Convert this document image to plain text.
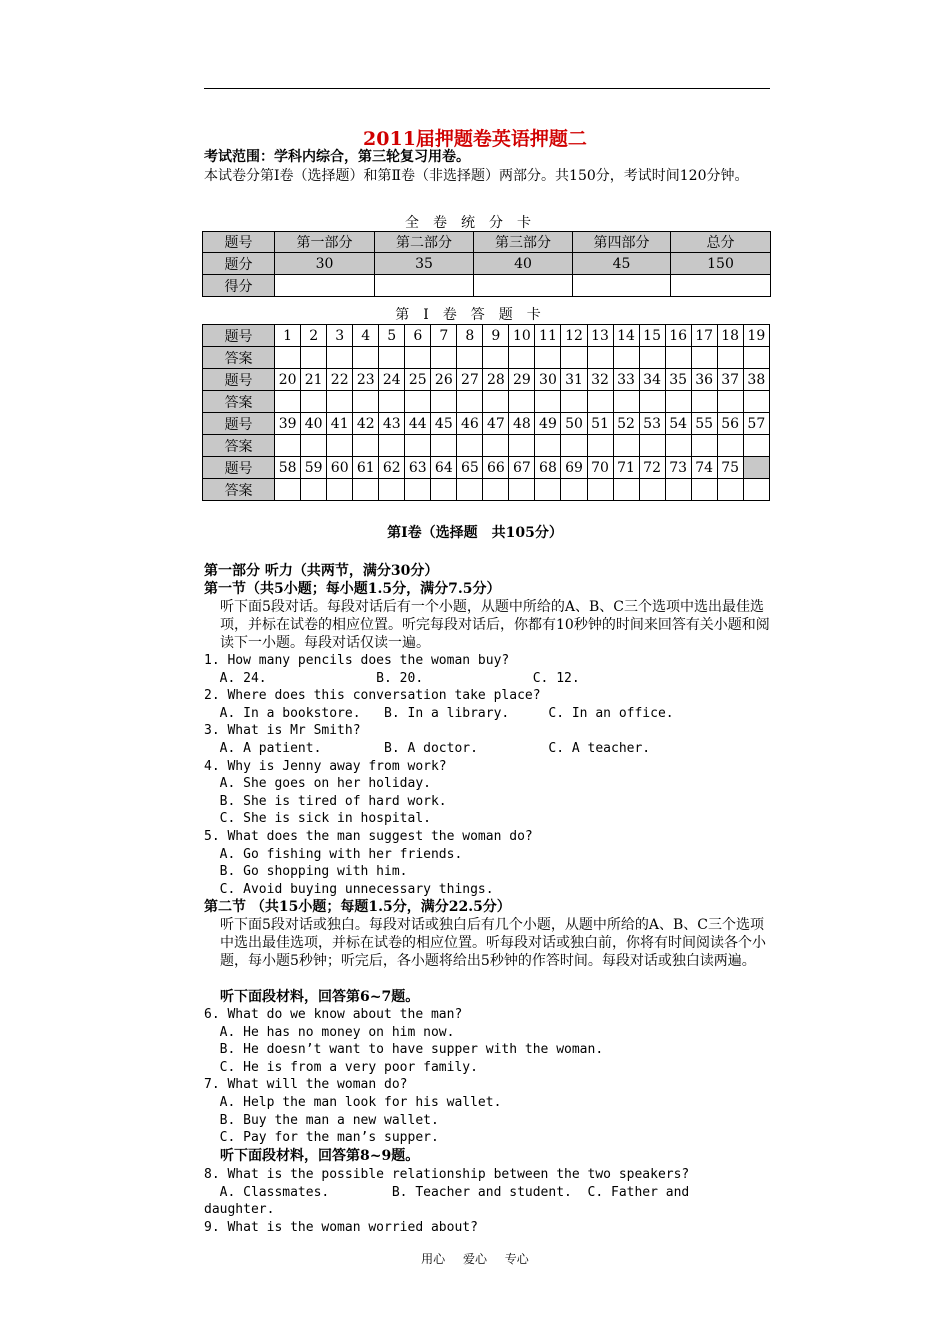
2011届押题卷英语押题二
考试范围：学科内综合，第三轮复习用卷。
本试卷分第Ⅰ卷（选择题）和第Ⅱ卷（非选择题）两部分。共150分，考试时间120分钟。
全卷统分卡
题号	第一部分	第二部分	第三部分	第四部分	总分
题分	30	35	40	45	150
得分					
第Ⅰ卷答题卡
题号	1	2	3	4	5	6	7	8	9	10	11	12	13	14	15	16	17	18	19
答案																			
题号	20	21	22	23	24	25	26	27	28	29	30	31	32	33	34	35	36	37	38
答案																			
题号	39	40	41	42	43	44	45	46	47	48	49	50	51	52	53	54	55	56	57
答案																			
题号	58	59	60	61	62	63	64	65	66	67	68	69	70	71	72	73	74	75	
答案																			
第Ⅰ卷（选择题　共105分）
第一部分 听力（共两节，满分30分）
第一节（共5小题；每小题1.5分，满分7.5分）
听下面5段对话。每段对话后有一个小题，从题中所给的A、B、C三个选项中选出最佳选项，并标在试卷的相应位置。听完每段对话后，你都有10秒钟的时间来回答有关小题和阅读下一小题。每段对话仅读一遍。
1. How many pencils does the woman buy?
A. 24.              B. 20.              C. 12.
2. Where does this conversation take place?
A. In a bookstore.   B. In a library.     C. In an office.
3. What is Mr Smith?
A. A patient.        B. A doctor.         C. A teacher.
4. Why is Jenny away from work?
A. She goes on her holiday.
B. She is tired of hard work.
C. She is sick in hospital.
5. What does the man suggest the woman do?
A. Go fishing with her friends.
B. Go shopping with him.
C. Avoid buying unnecessary things.
第二节 （共15小题；每题1.5分，满分22.5分）
听下面5段对话或独白。每段对话或独白后有几个小题，从题中所给的A、B、C三个选项中选出最佳选项，并标在试卷的相应位置。听每段对话或独白前，你将有时间阅读各个小题，每小题5秒钟；听完后，各小题将给出5秒钟的作答时间。每段对话或独白读两遍。
听下面段材料，回答第6~7题。
6. What do we know about the man?
A. He has no money on him now.
B. He doesn’t want to have supper with the woman.
C. He is from a very poor family.
7. What will the woman do?
A. Help the man look for his wallet.
B. Buy the man a new wallet.
C. Pay for the man’s supper.
听下面段材料，回答第8~9题。
8. What is the possible relationship between the two speakers?
A. Classmates.        B. Teacher and student.  C. Father and
daughter.
9. What is the woman worried about?
用心 爱心 专心
